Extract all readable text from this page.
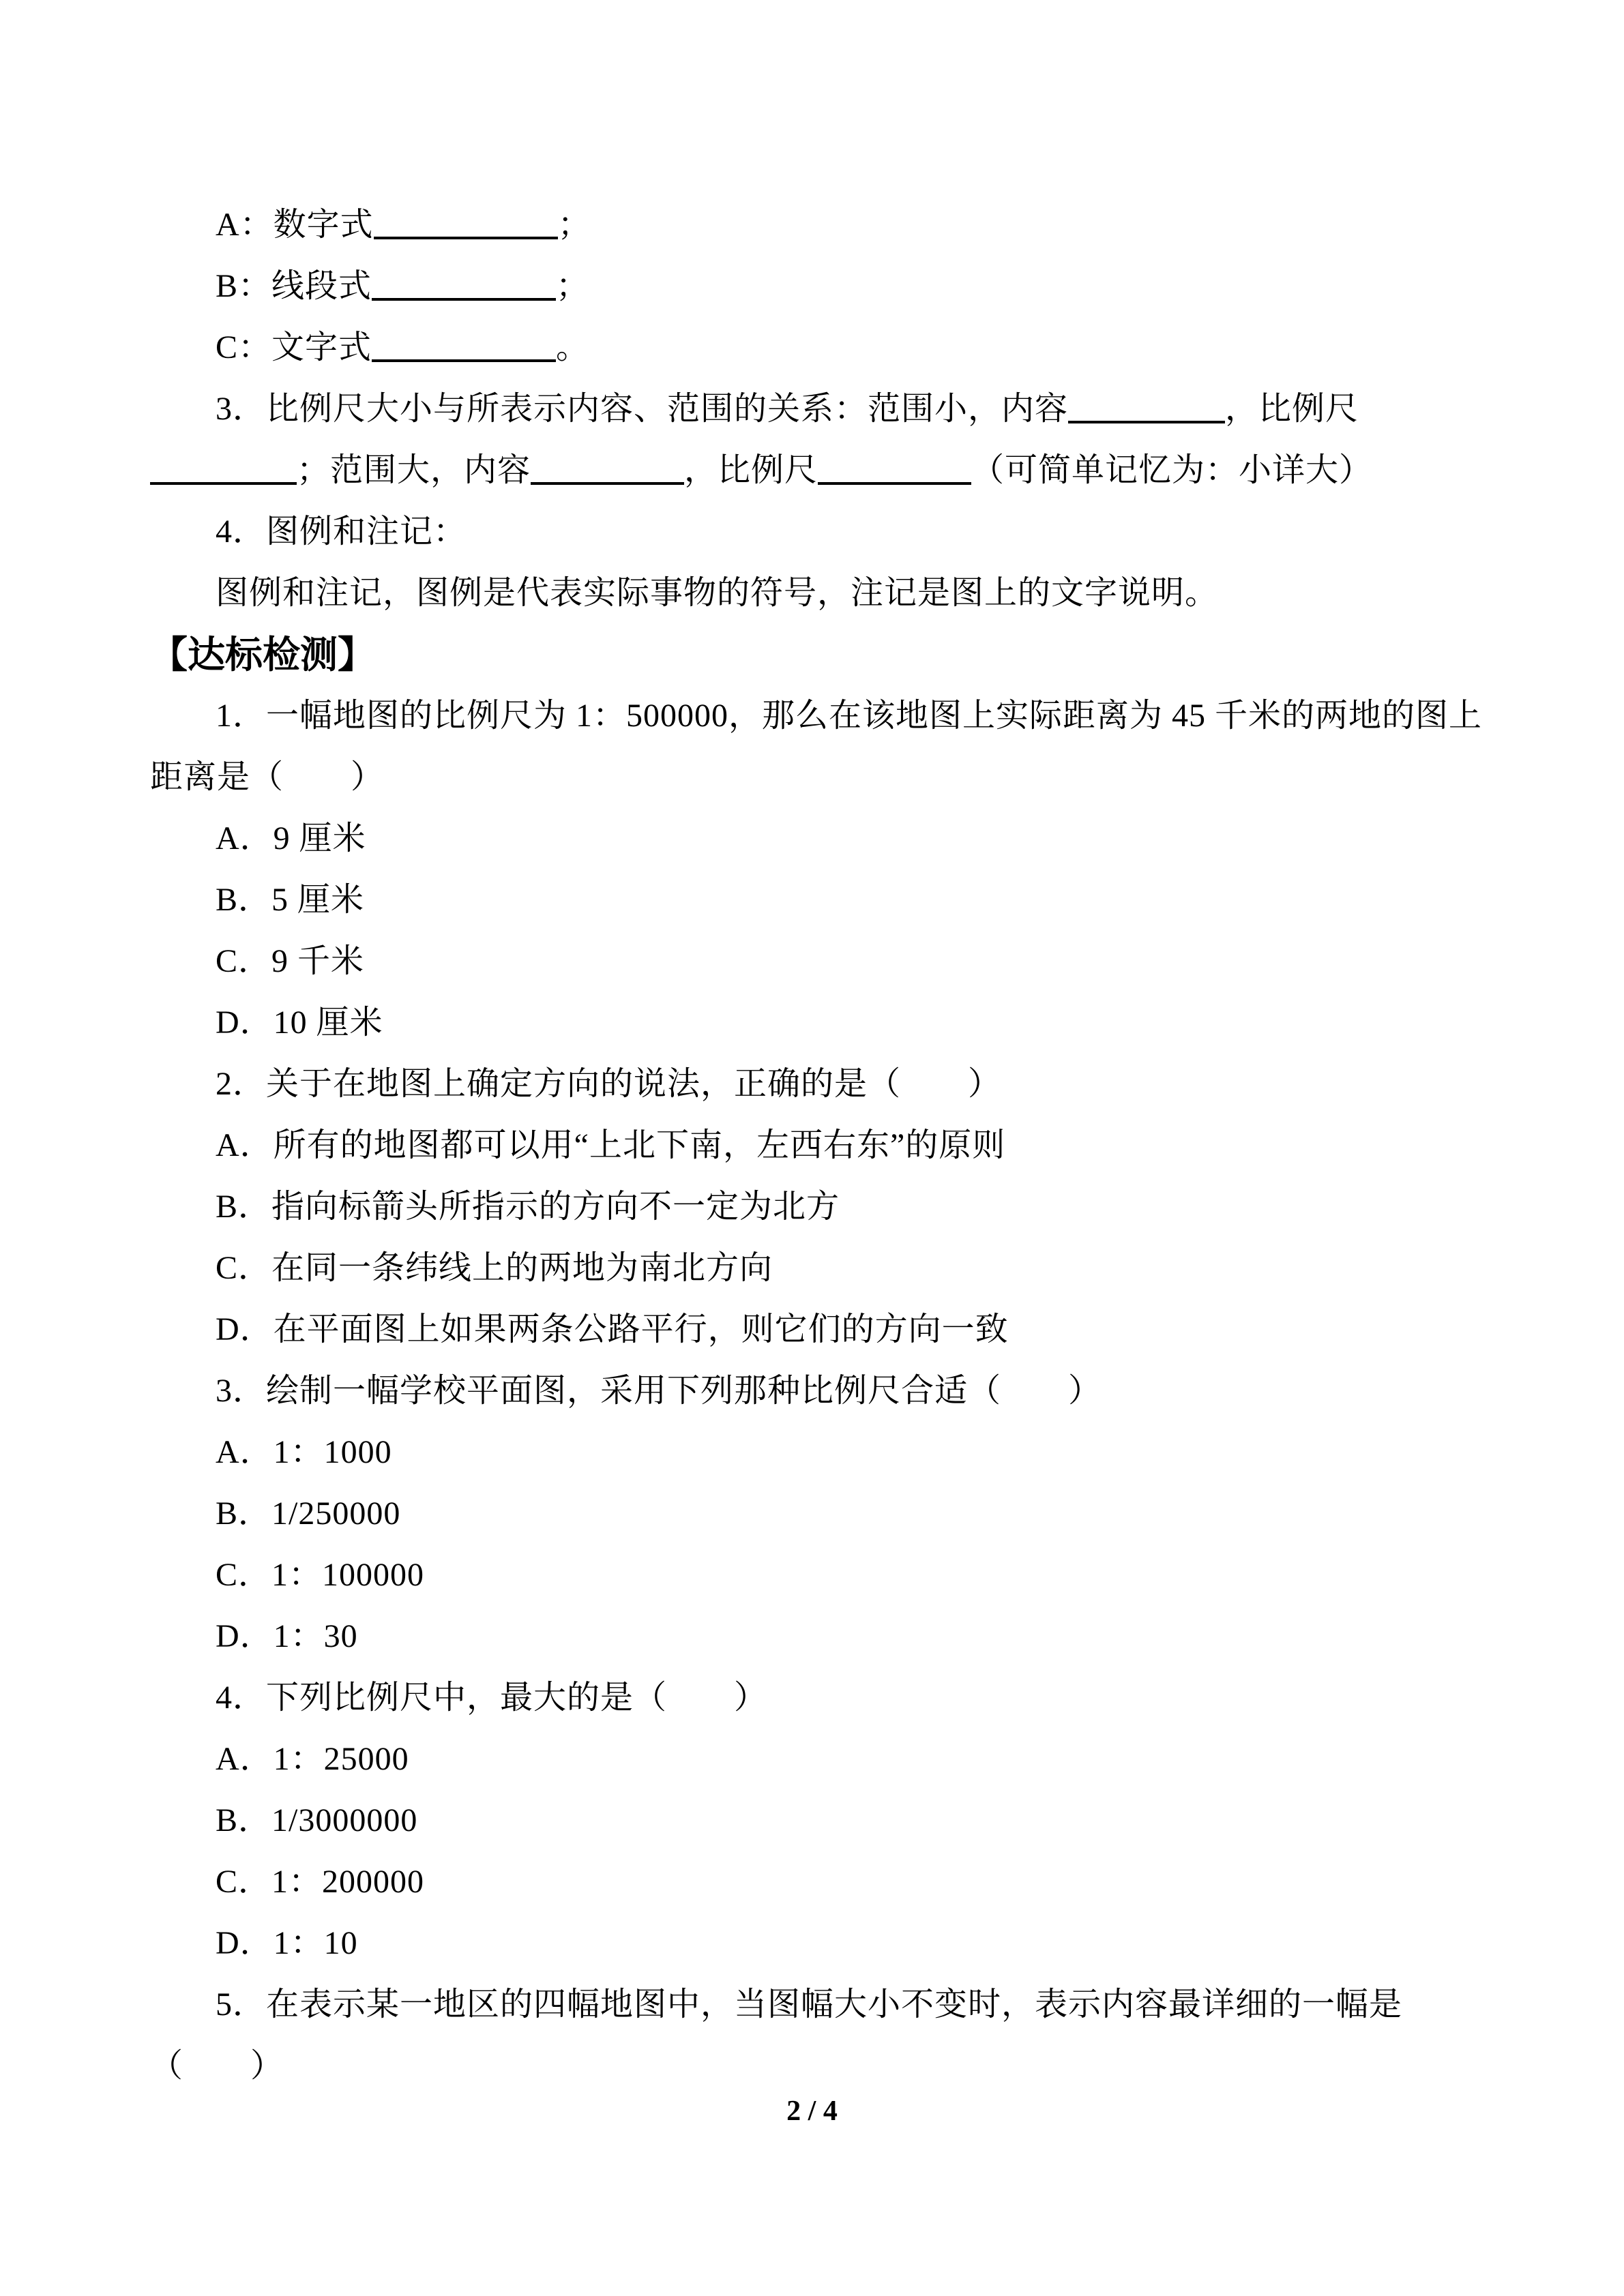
A：数字式	；
B：线段式	；
C：文字式	。
3．比例尺大小与所表示内容、范围的关系：范围小，内容	，比例尺
；范围大，内容	，比例尺	（可简单记忆为：小详大）
4．图例和注记：
图例和注记，图例是代表实际事物的符号，注记是图上的文字说明。
【达标检测】
1．一幅地图的比例尺为 1：500000，那么在该地图上实际距离为 45 千米的两地的图上
距离是（　　）
A．9 厘米
B．5 厘米
C．9 千米
D．10 厘米
2．关于在地图上确定方向的说法，正确的是（　　）
A．所有的地图都可以用“上北下南，左西右东”的原则
B．指向标箭头所指示的方向不一定为北方
C．在同一条纬线上的两地为南北方向
D．在平面图上如果两条公路平行，则它们的方向一致
3．绘制一幅学校平面图，采用下列那种比例尺合适（　　）
A．1：1000
B．1/250000
C．1：100000
D．1：30
4．下列比例尺中，最大的是（　　）
A．1：25000
B．1/3000000
C．1：200000
D．1：10
5．在表示某一地区的四幅地图中，当图幅大小不变时，表示内容最详细的一幅是
（　　）
2 / 4
